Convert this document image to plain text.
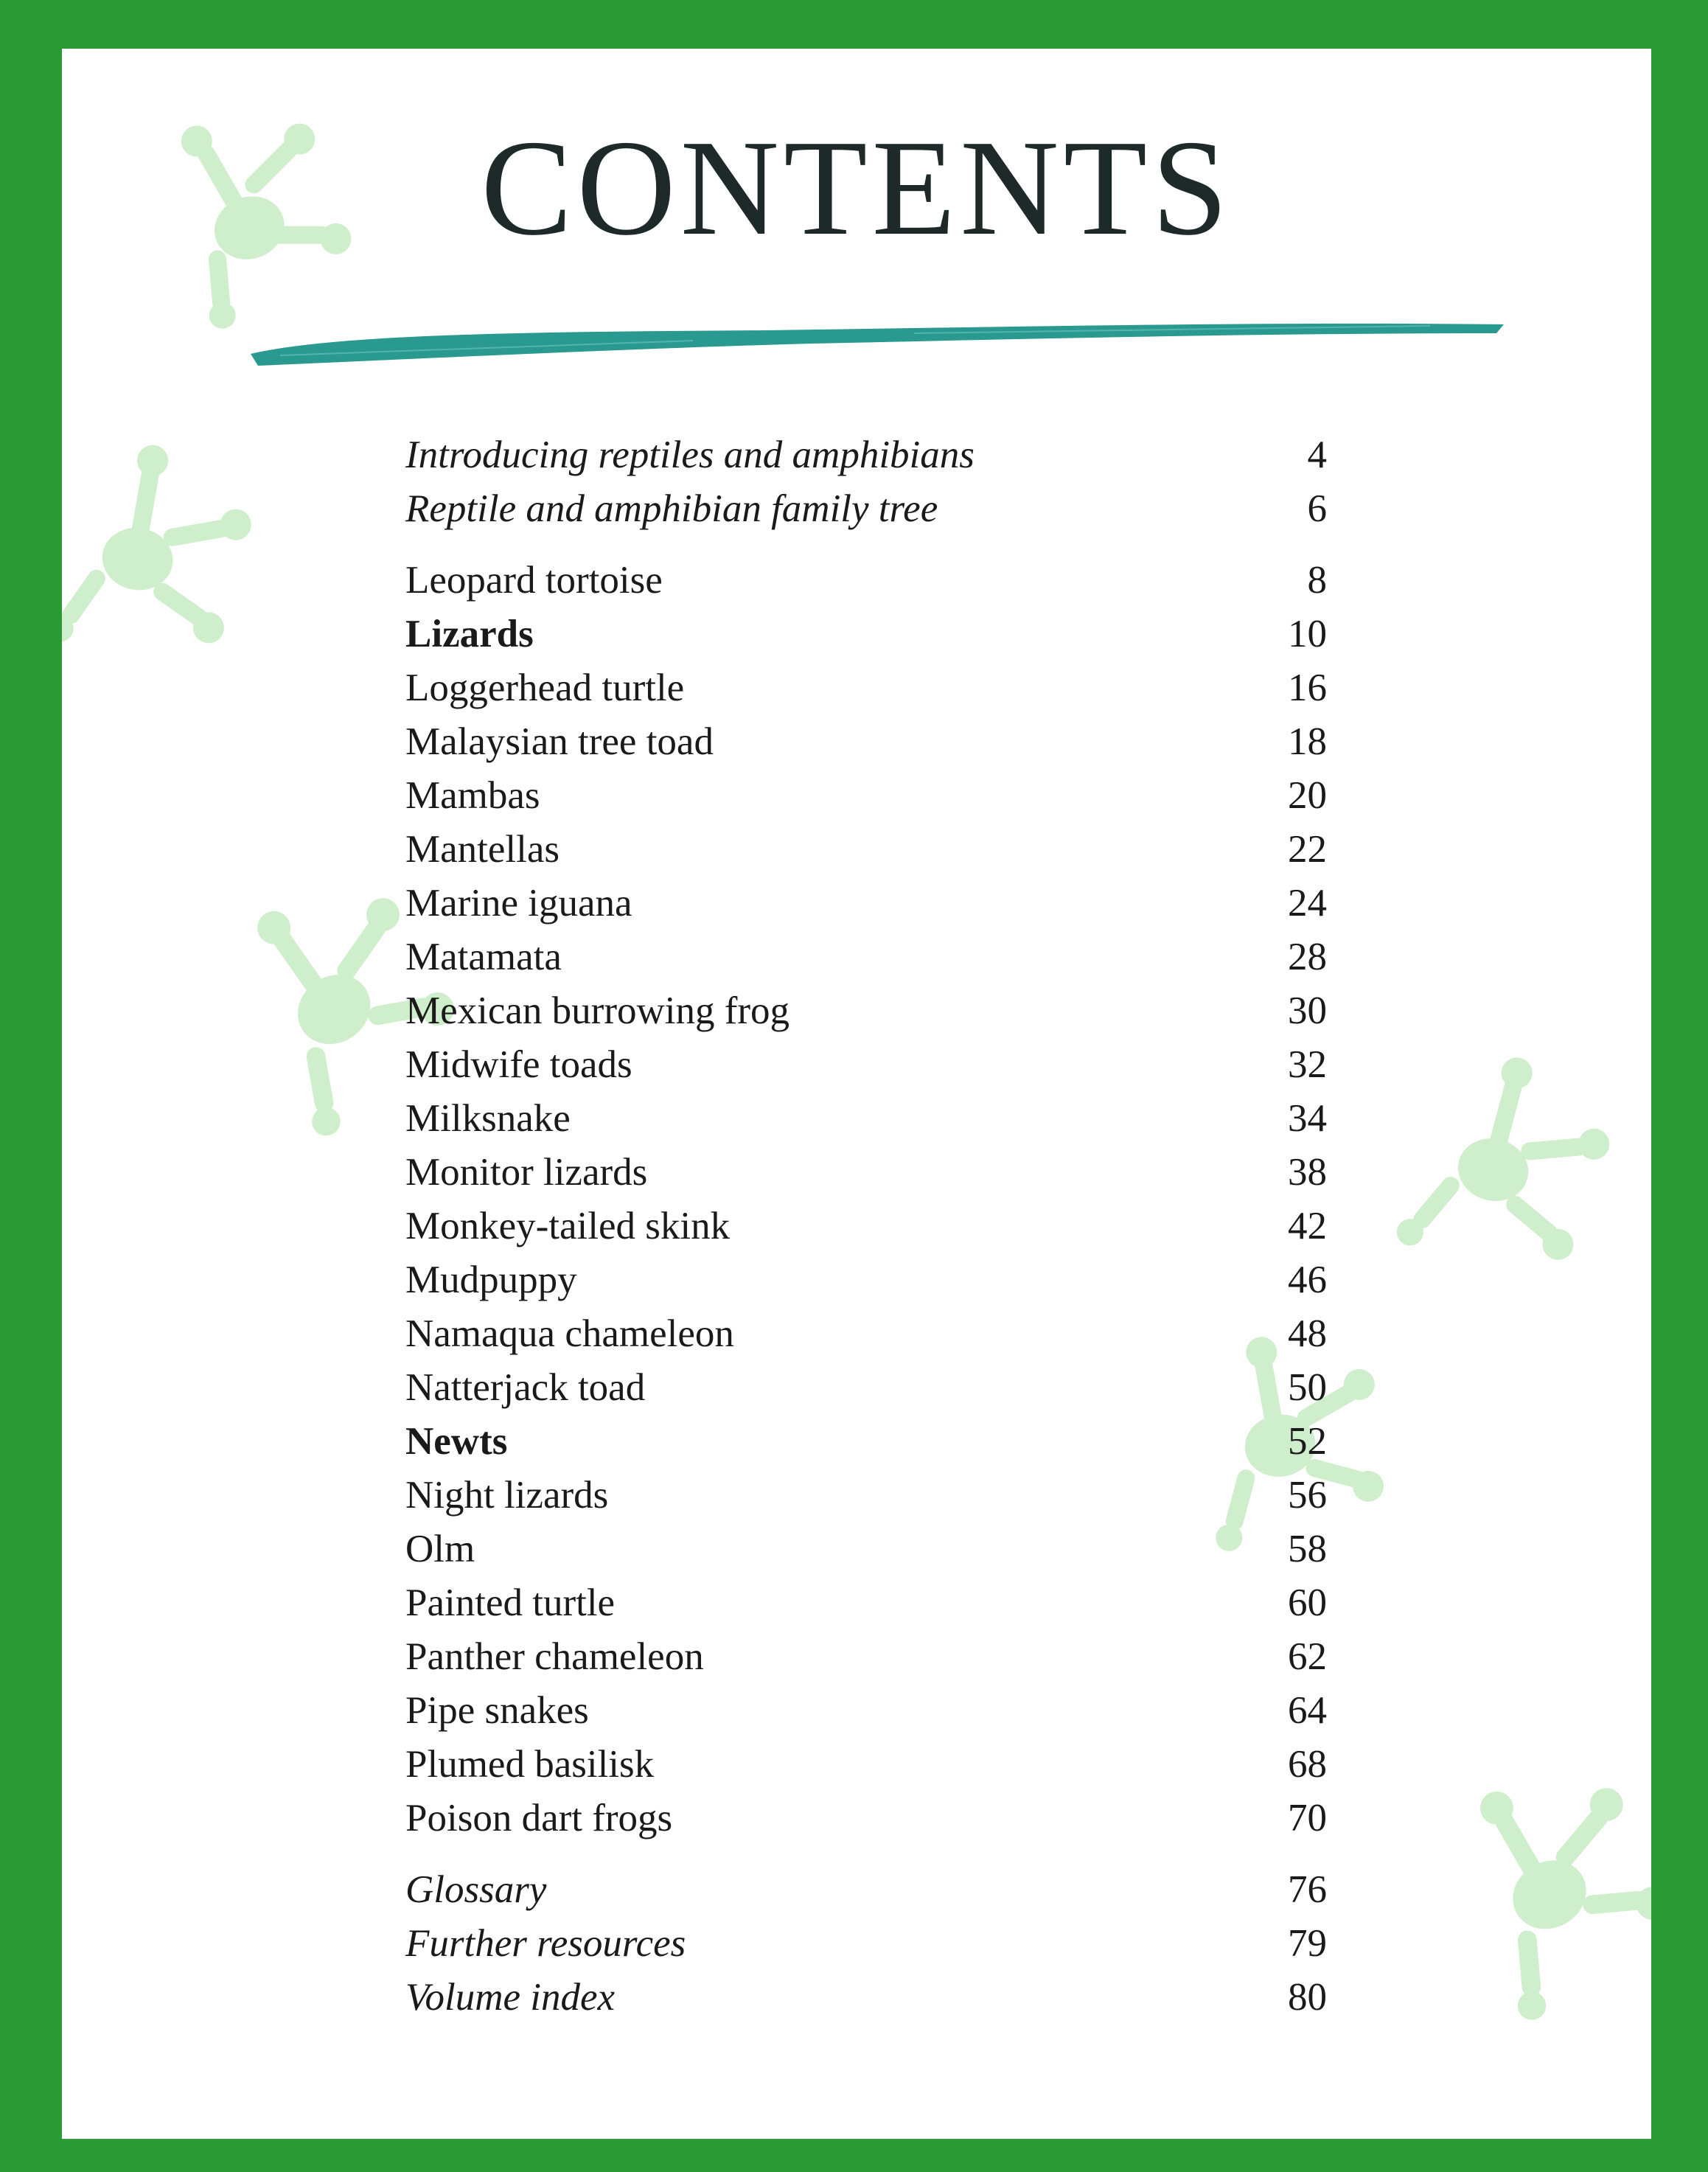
CONTENTS
Introducing reptiles and amphibians	4
Reptile and amphibian family tree	6
Leopard tortoise	8
Lizards	10
Loggerhead turtle	16
Malaysian tree toad	18
Mambas	20
Mantellas	22
Marine iguana	24
Matamata	28
Mexican burrowing frog	30
Midwife toads	32
Milksnake	34
Monitor lizards	38
Monkey-tailed skink	42
Mudpuppy	46
Namaqua chameleon	48
Natterjack toad	50
Newts	52
Night lizards	56
Olm	58
Painted turtle	60
Panther chameleon	62
Pipe snakes	64
Plumed basilisk	68
Poison dart frogs	70
Glossary	76
Further resources	79
Volume index	80
